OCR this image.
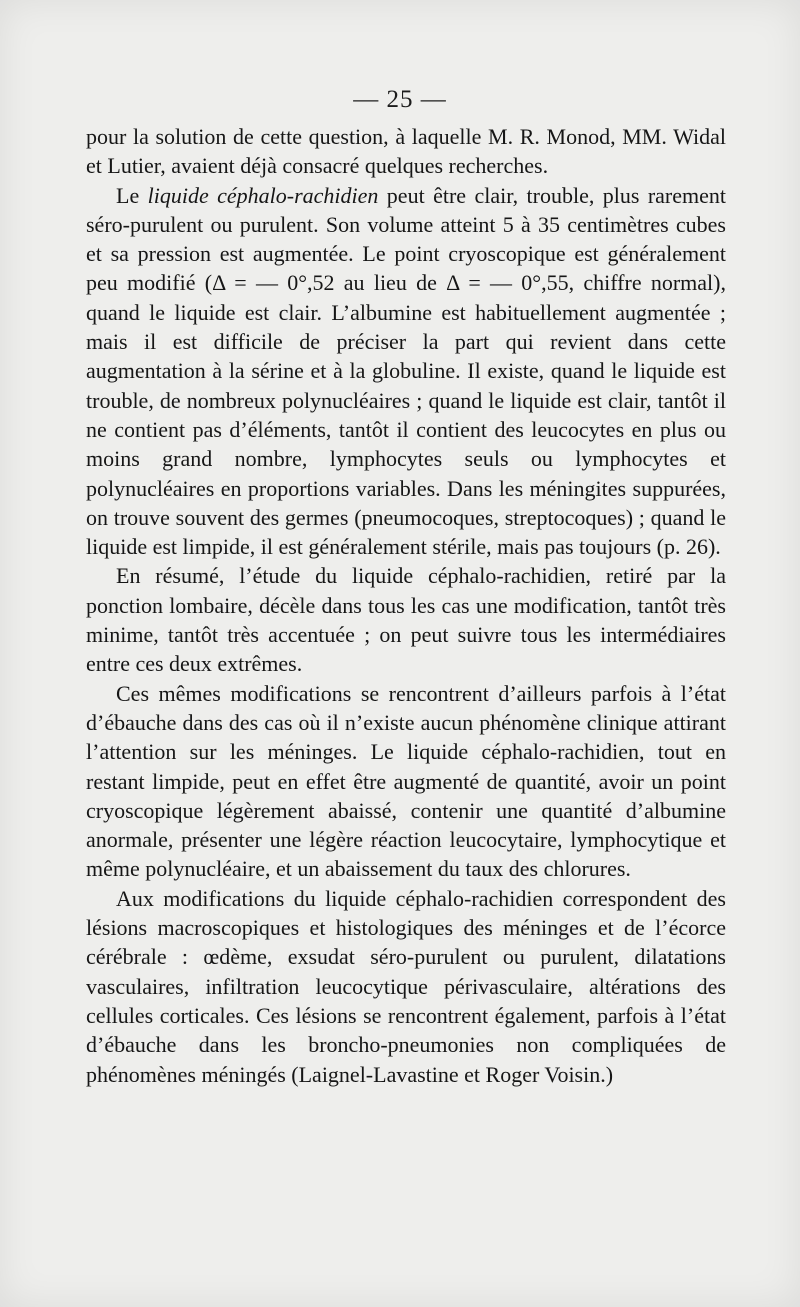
— 25 —

pour la solution de cette question, à laquelle M. R. Monod, MM. Widal et Lutier, avaient déjà consacré quelques recherches.

Le liquide céphalo-rachidien peut être clair, trouble, plus rarement séro-purulent ou purulent. Son volume atteint 5 à 35 centimètres cubes et sa pression est augmentée. Le point cryoscopique est généralement peu modifié (Δ = — 0°,52 au lieu de Δ = — 0°,55, chiffre normal), quand le liquide est clair. L’albumine est habituellement augmentée ; mais il est difficile de préciser la part qui revient dans cette augmentation à la sérine et à la globuline. Il existe, quand le liquide est trouble, de nombreux polynucléaires ; quand le liquide est clair, tantôt il ne contient pas d’éléments, tantôt il contient des leucocytes en plus ou moins grand nombre, lymphocytes seuls ou lymphocytes et polynucléaires en proportions variables. Dans les méningites suppurées, on trouve souvent des germes (pneumocoques, streptocoques) ; quand le liquide est limpide, il est généralement stérile, mais pas toujours (p. 26).

En résumé, l’étude du liquide céphalo-rachidien, retiré par la ponction lombaire, décèle dans tous les cas une modification, tantôt très minime, tantôt très accentuée ; on peut suivre tous les intermédiaires entre ces deux extrêmes.

Ces mêmes modifications se rencontrent d’ailleurs parfois à l’état d’ébauche dans des cas où il n’existe aucun phénomène clinique attirant l’attention sur les méninges. Le liquide céphalo-rachidien, tout en restant limpide, peut en effet être augmenté de quantité, avoir un point cryoscopique légèrement abaissé, contenir une quantité d’albumine anormale, présenter une légère réaction leucocytaire, lymphocytique et même polynucléaire, et un abaissement du taux des chlorures.

Aux modifications du liquide céphalo-rachidien correspondent des lésions macroscopiques et histologiques des méninges et de l’écorce cérébrale : œdème, exsudat séro-purulent ou purulent, dilatations vasculaires, infiltration leucocytique périvasculaire, altérations des cellules corticales. Ces lésions se rencontrent également, parfois à l’état d’ébauche dans les broncho-pneumonies non compliquées de phénomènes méningés (Laignel-Lavastine et Roger Voisin.)
